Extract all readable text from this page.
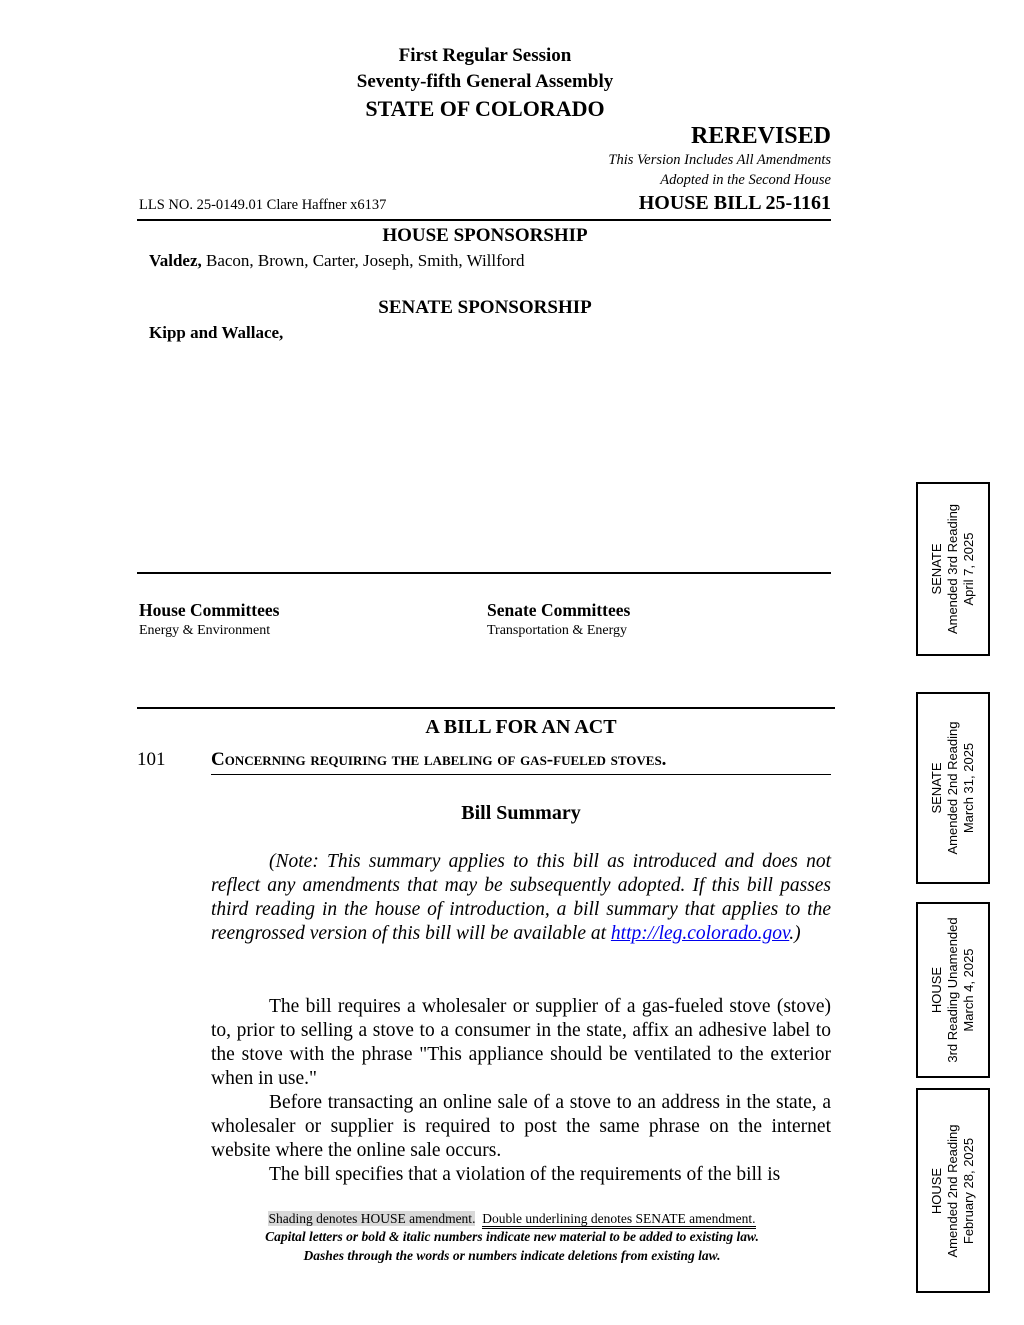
First Regular Session
Seventy-fifth General Assembly
STATE OF COLORADO
REREVISED
This Version Includes All Amendments
Adopted in the Second House
LLS NO. 25-0149.01 Clare Haffner x6137	HOUSE BILL 25-1161
HOUSE SPONSORSHIP
Valdez, Bacon, Brown, Carter, Joseph, Smith, Willford
SENATE SPONSORSHIP
Kipp and Wallace,
House Committees
Energy & Environment
Senate Committees
Transportation & Energy
A BILL FOR AN ACT
101 Concerning requiring the labeling of gas-fueled stoves.
Bill Summary

(Note: This summary applies to this bill as introduced and does not reflect any amendments that may be subsequently adopted. If this bill passes third reading in the house of introduction, a bill summary that applies to the reengrossed version of this bill will be available at http://leg.colorado.gov.)

The bill requires a wholesaler or supplier of a gas-fueled stove (stove) to, prior to selling a stove to a consumer in the state, affix an adhesive label to the stove with the phrase "This appliance should be ventilated to the exterior when in use."

Before transacting an online sale of a stove to an address in the state, a wholesaler or supplier is required to post the same phrase on the internet website where the online sale occurs.

The bill specifies that a violation of the requirements of the bill is

Shading denotes HOUSE amendment. Double underlining denotes SENATE amendment.
Capital letters or bold & italic numbers indicate new material to be added to existing law.
Dashes through the words or numbers indicate deletions from existing law.
SENATE Amended 3rd Reading April 7, 2025
SENATE Amended 2nd Reading March 31, 2025
HOUSE 3rd Reading Unamended March 4, 2025
HOUSE Amended 2nd Reading February 28, 2025
